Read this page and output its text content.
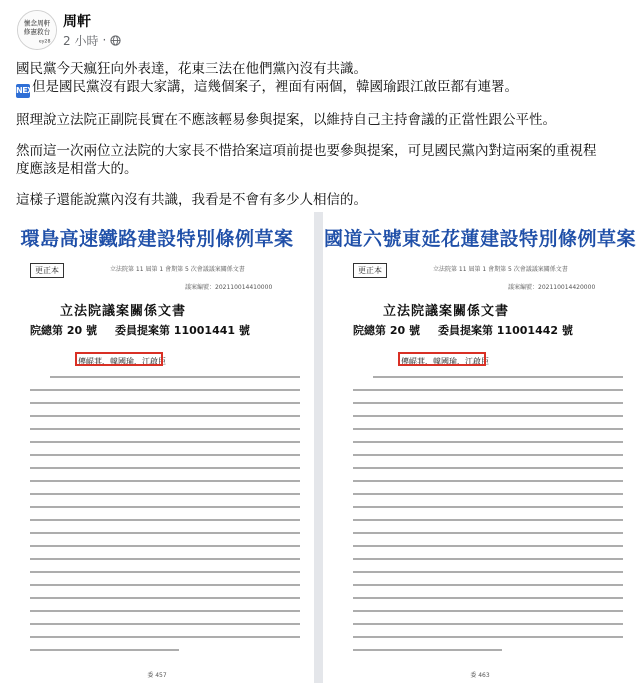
懷念周軒
修憲救台
ey28
周軒
2 小時 ·

國民黨今天瘋狂向外表達，花東三法在他們黨內沒有共識。

NEXT但是國民黨沒有跟大家講，這幾個案子，裡面有兩個，韓國瑜跟江啟臣都有連署。

照理說立法院正副院長實在不應該輕易參與提案，以維持自己主持會議的正當性跟公平性。

然而這一次兩位立法院的大家長不惜拾案這項前提也要參與提案，可見國民黨內對這兩案的重視程

度應該是相當大的。

這樣子還能說黨內沒有共識，我看是不會有多少人相信的。

環島高速鐵路建設特別條例草案
更正本	立法院第 11 屆第 1 會期第 5 次會議議案關係文書
議案編號：202110014410000
立法院議案關係文書
院總第 20 號 委員提案第 11001441 號
傳崐萁、韓國瑜、江啟臣
委 457
國道六號東延花蓮建設特別條例草案
更正本	立法院第 11 屆第 1 會期第 5 次會議議案關係文書
議案編號：202110014420000
立法院議案關係文書
院總第 20 號 委員提案第 11001442 號
傳崐萁、韓國瑜、江啟臣
委 463
